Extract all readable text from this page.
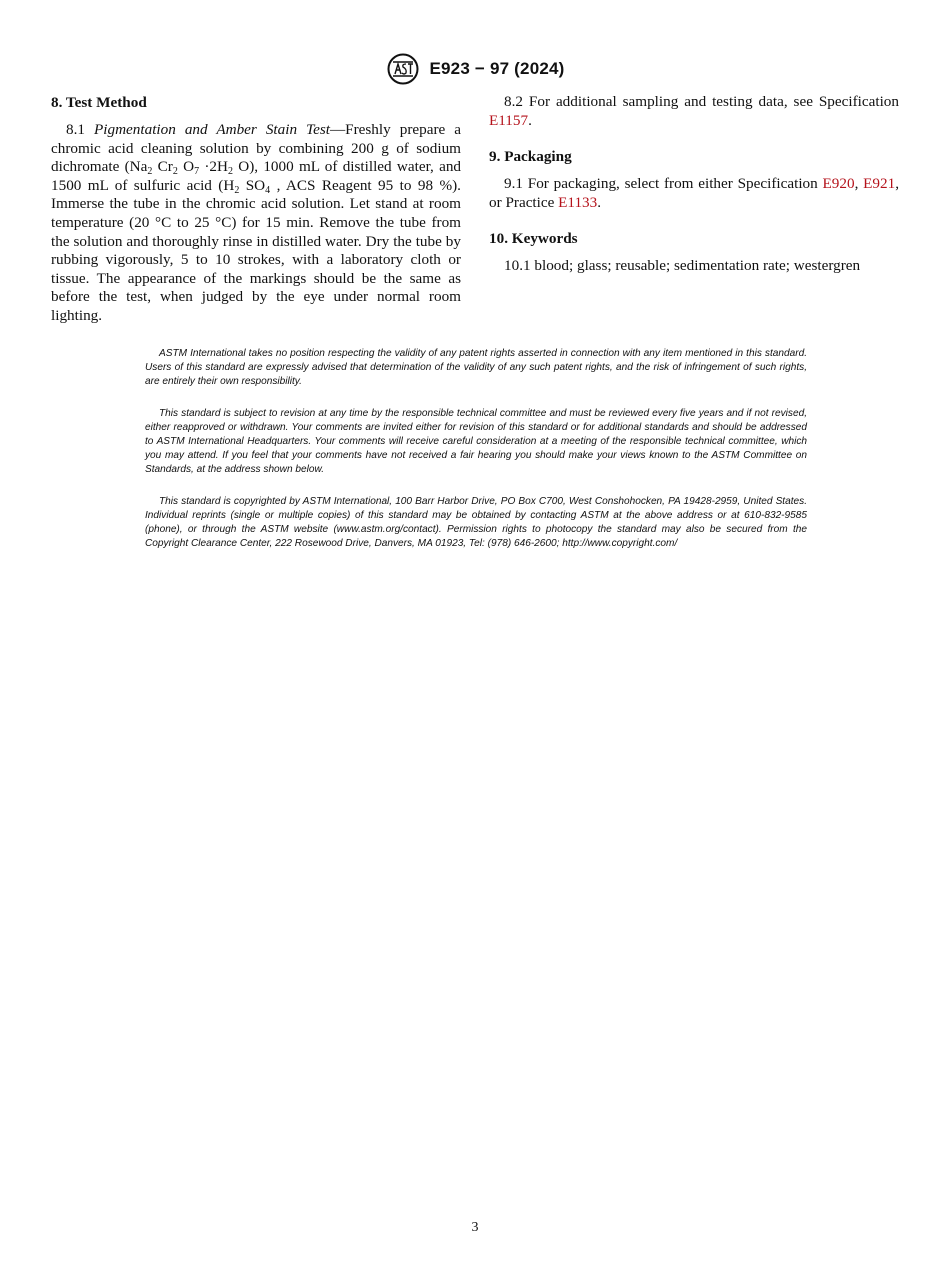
E923 − 97 (2024)
8. Test Method

8.1 Pigmentation and Amber Stain Test—Freshly prepare a chromic acid cleaning solution by combining 200 g of sodium dichromate ($Na_2$ $Cr_2$ $O_7 \cdot 2H_2$ O), 1000 mL of distilled water, and 1500 mL of sulfuric acid ($H_2$ $SO_4$ , ACS Reagent 95 to 98 %). Immerse the tube in the chromic acid solution. Let stand at room temperature (20 °C to 25 °C) for 15 min. Remove the tube from the solution and thoroughly rinse in distilled water. Dry the tube by rubbing vigorously, 5 to 10 strokes, with a laboratory cloth or tissue. The appearance of the markings should be the same as before the test, when judged by the eye under normal room lighting.

8.2 For additional sampling and testing data, see Specification E1157.

9. Packaging

9.1 For packaging, select from either Specification E920, E921, or Practice E1133.

10. Keywords

10.1 blood; glass; reusable; sedimentation rate; westergren

ASTM International takes no position respecting the validity of any patent rights asserted in connection with any item mentioned in this standard. Users of this standard are expressly advised that determination of the validity of any such patent rights, and the risk of infringement of such rights, are entirely their own responsibility.

This standard is subject to revision at any time by the responsible technical committee and must be reviewed every five years and if not revised, either reapproved or withdrawn. Your comments are invited either for revision of this standard or for additional standards and should be addressed to ASTM International Headquarters. Your comments will receive careful consideration at a meeting of the responsible technical committee, which you may attend. If you feel that your comments have not received a fair hearing you should make your views known to the ASTM Committee on Standards, at the address shown below.

This standard is copyrighted by ASTM International, 100 Barr Harbor Drive, PO Box C700, West Conshohocken, PA 19428-2959, United States. Individual reprints (single or multiple copies) of this standard may be obtained by contacting ASTM at the above address or at 610-832-9585 (phone), or through the ASTM website (www.astm.org/contact). Permission rights to photocopy the standard may also be secured from the Copyright Clearance Center, 222 Rosewood Drive, Danvers, MA 01923, Tel: (978) 646-2600; http://www.copyright.com/

3
